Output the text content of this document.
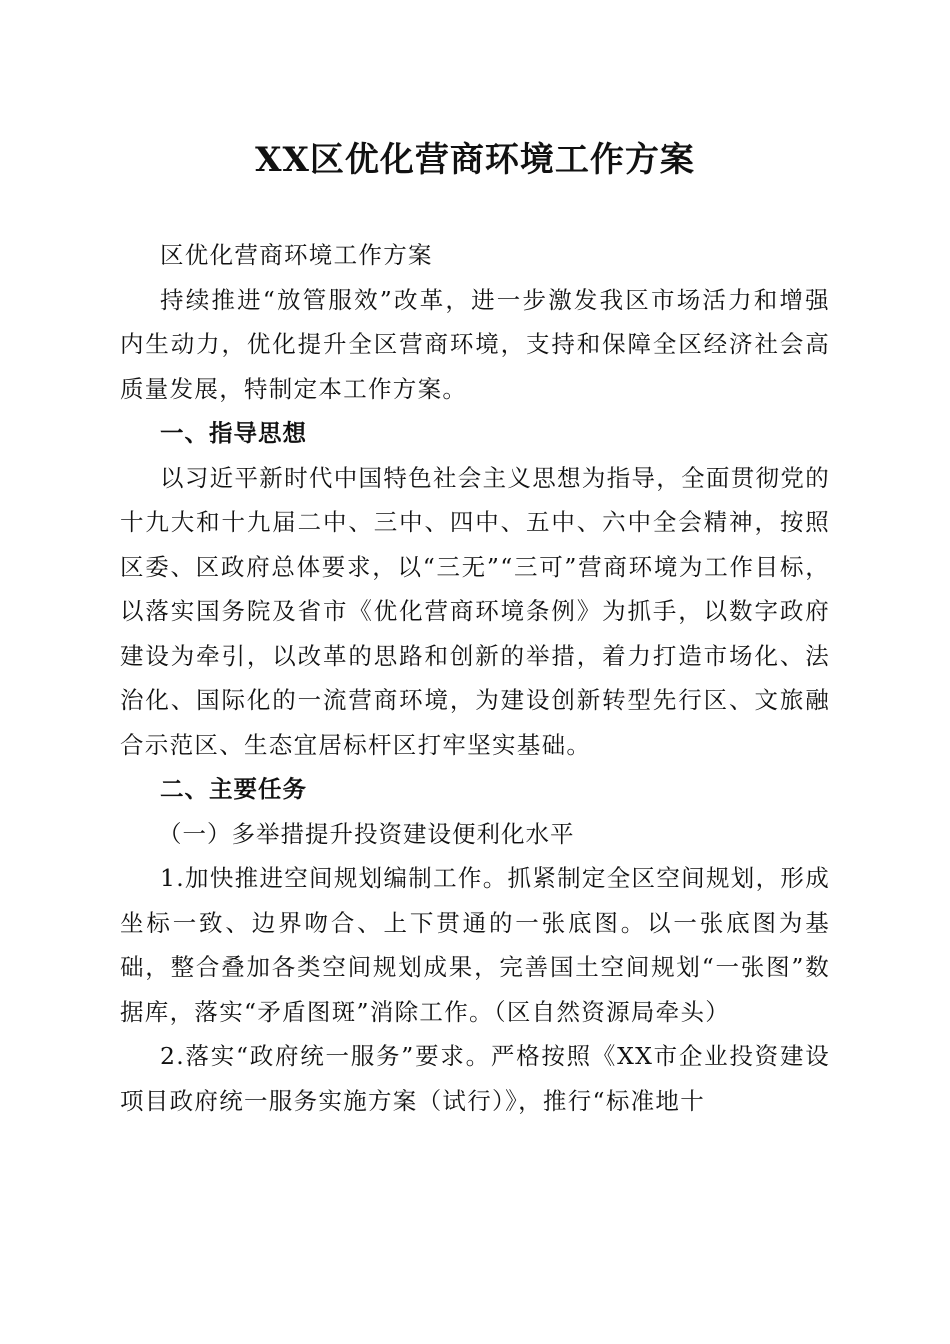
XX区优化营商环境工作方案

区优化营商环境工作方案

持续推进“放管服效”改革，进一步激发我区市场活力和增强内生动力，优化提升全区营商环境，支持和保障全区经济社会高质量发展，特制定本工作方案。

一、指导思想

以习近平新时代中国特色社会主义思想为指导，全面贯彻党的十九大和十九届二中、三中、四中、五中、六中全会精神，按照区委、区政府总体要求，以“三无”“三可”营商环境为工作目标，以落实国务院及省市《优化营商环境条例》为抓手，以数字政府建设为牵引，以改革的思路和创新的举措，着力打造市场化、法治化、国际化的一流营商环境，为建设创新转型先行区、文旅融合示范区、生态宜居标杆区打牢坚实基础。

二、主要任务

（一）多举措提升投资建设便利化水平

1.加快推进空间规划编制工作。抓紧制定全区空间规划，形成坐标一致、边界吻合、上下贯通的一张底图。以一张底图为基础，整合叠加各类空间规划成果，完善国土空间规划“一张图”数据库，落实“矛盾图斑”消除工作。（区自然资源局牵头）

2.落实“政府统一服务”要求。严格按照《XX市企业投资建设项目政府统一服务实施方案（试行）》，推行“标准地十
